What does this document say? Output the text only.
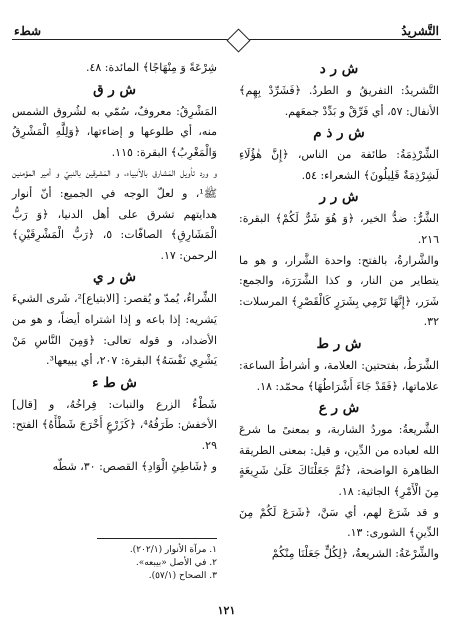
شطء	التَّشريدُ
ش ر د

التَّشريدُ: التفريقُ و الطردُ. ﴿فَشَرِّدْ بِهِم﴾ الأنفال: ٥٧، أي فَرِّقْ و بَدِّدْ جمعَهم.

ش ر ذ م

الشِّرْذِمَةُ: طائفة من الناس، ﴿إِنَّ هٰؤُلَاءِ لَشِرْذِمَةٌ قَلِيلُونَ﴾ الشعراء: ٥٤.

ش ر ر

الشَّرُّ: ضدُّ الخير، ﴿وَ هُوَ شَرٌّ لَكُمْ﴾ البقرة: ٢١٦.

والشَّرارةُ، بالفتح: واحدة الشَّرار، و هو ما يتطاير من النار، و كذا الشَّرَرَة، والجمع: شَرَر، ﴿إِنَّهَا تَرْمِي بِشَرَرٍ كَالْقَصْرِ﴾ المرسلات: ٣٢.

ش ر ط

الشَّرَطُ، بفتحتين: العلامة، و أشراطُ الساعة: علاماتها، ﴿فَقَدْ جَاءَ أَشْرَاطُهَا﴾ محمّد: ١٨.

ش ر ع

الشَّريعةُ: موردُ الشاربة، و بمعنىً ما شرعَ الله لعباده من الدِّين، و قيل: بمعنى الطريقة الظاهرة الواضحة، ﴿ثُمَّ جَعَلْنَاكَ عَلَىٰ شَرِيعَةٍ مِنَ الْأَمْرِ﴾ الجاثية: ١٨.

و قد شَرَعَ لهم، أي سَنَّ، ﴿شَرَعَ لَكُمْ مِنَ الدِّينِ﴾ الشورى: ١٣.

والشِّرْعَةُ: الشريعةُ، ﴿لِكُلٍّ جَعَلْنَا مِنْكُمْ

شِرْعَةً وَ مِنْهَاجًا﴾ المائدة: ٤٨.

ش ر ق

المَشْرِقُ: معروفٌ، سُمّي به لشُروق الشمس منه، أي طلوعها و إضاءتها، ﴿وَلِلَّهِ الْمَشْرِقُ وَالْمَغْرِبُ﴾ البقرة: ١١٥.

و ورد تأويل المَشارق بالأنبياء، و المَشرقين بالنبيّ و أمير المؤمنين ﷺ¹، و لعلّ الوجه في الجميع: أنّ أنوار هدايتهم تشرق على أهل الدنيا، ﴿وَ رَبُّ الْمَشَارِقِ﴾ الصافّات: ٥، ﴿رَبُّ الْمَشْرِقَيْنِ﴾ الرحمن: ١٧.

ش ر ي

الشِّراءُ، يُمدّ و يُقصر: [الابتياع]²، شَرى الشيءَ يَشريه: إذا باعه و إذا اشتراه أيضاً، و هو من الأضداد، و قوله تعالى: ﴿وَمِنَ النَّاسِ مَنْ يَشْرِي نَفْسَهُ﴾ البقرة: ٢٠٧، أي يبيعها³.

ش ط ء

شَطْءُ الزرع والنبات: فِراخُهُ، و [قال] الأخفش: طَرَفُهُ⁴، ﴿كَزَرْعٍ أَخْرَجَ شَطْأَهُ﴾ الفتح: ٢٩.

و ﴿شَاطِئِ الْوَادِ﴾ القصص: ٣٠، شطّه

١. مرآة الأنوار (٢٠٢/١).

٢. في الأصل «بيبعه».

٣. الصحاح (٥٧/١).

١٢١
